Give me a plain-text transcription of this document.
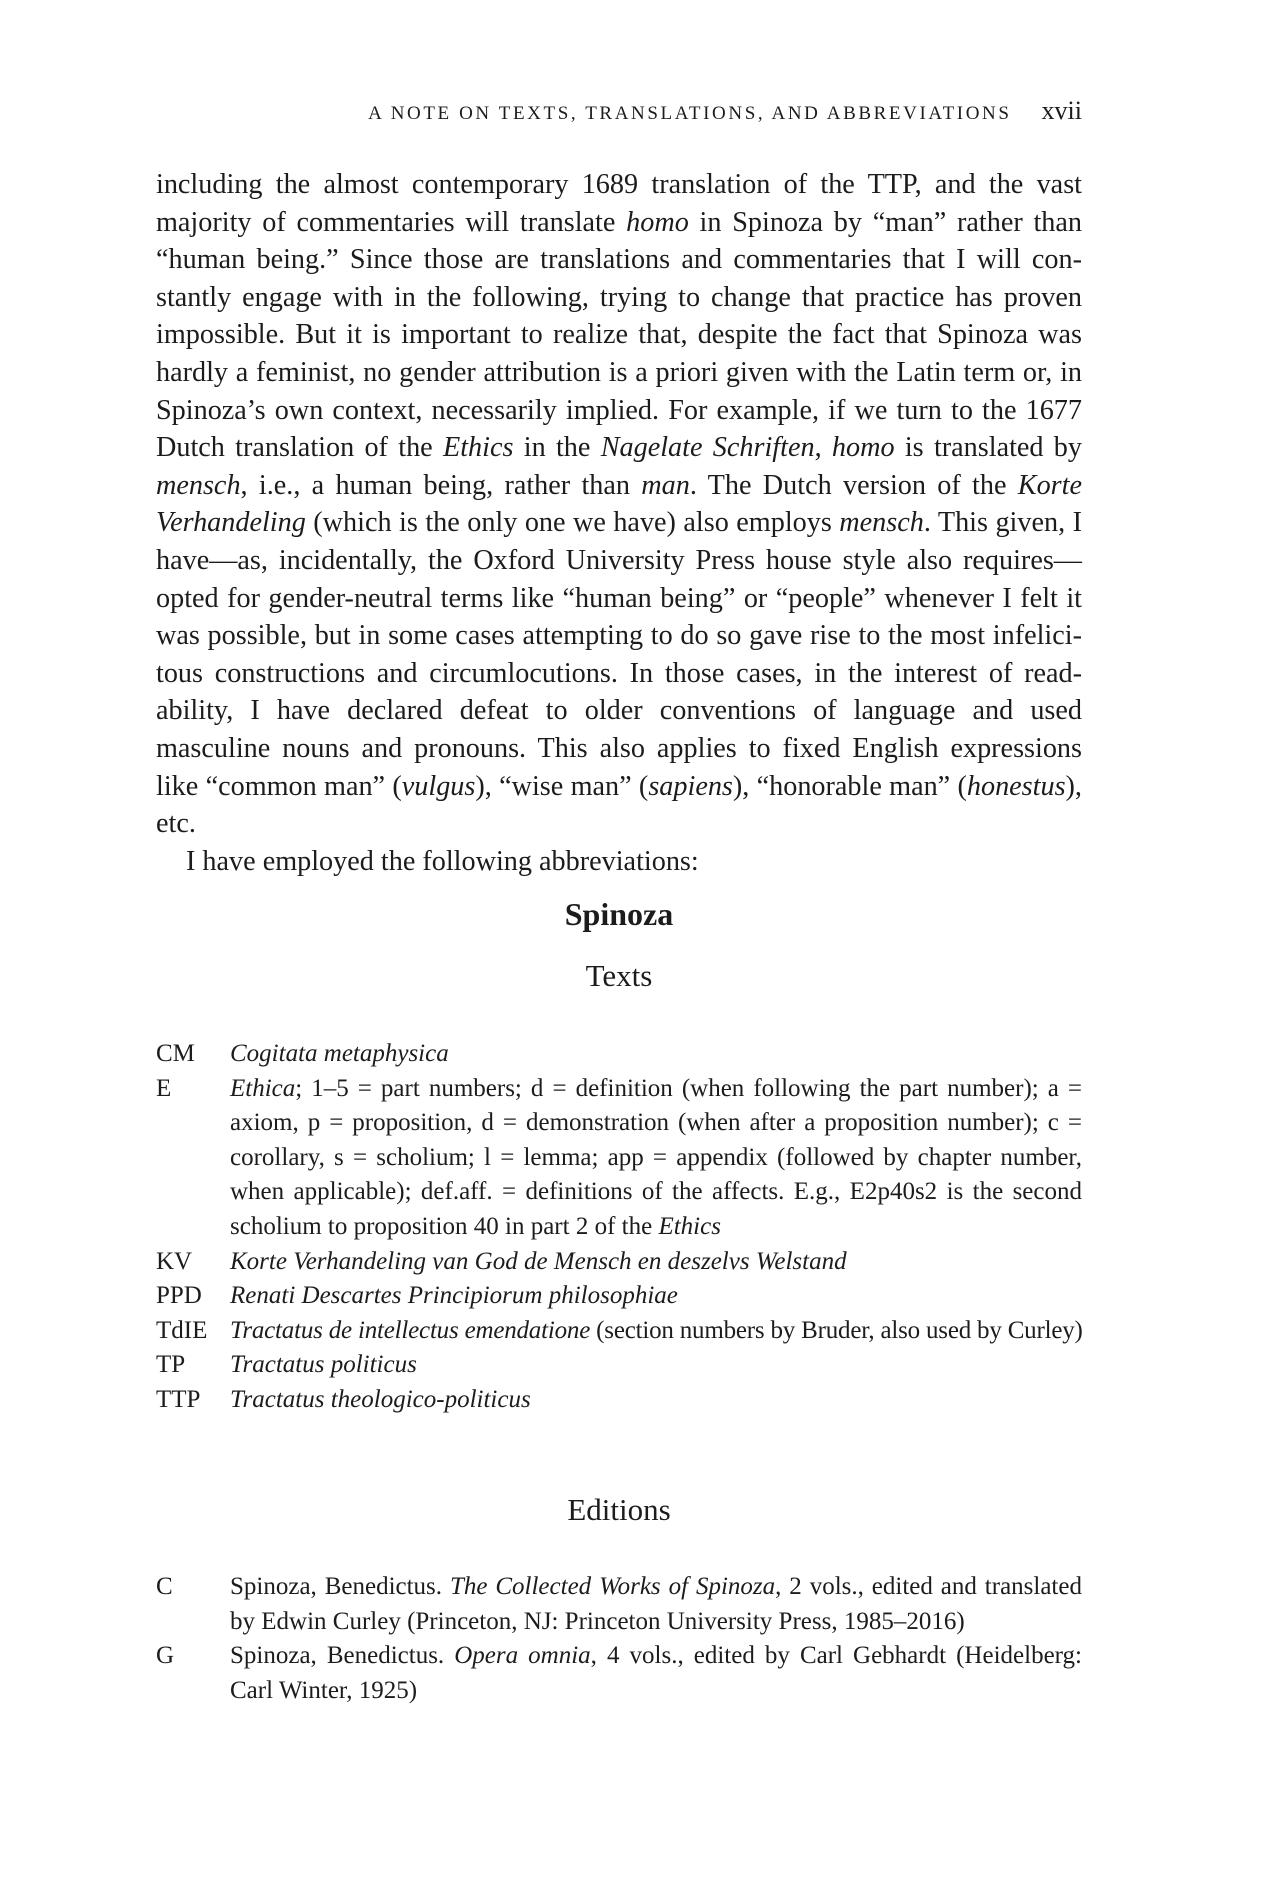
A NOTE ON TEXTS, TRANSLATIONS, AND ABBREVIATIONS xvii

including the almost contemporary 1689 translation of the TTP, and the vast majority of commentaries will translate homo in Spinoza by “man” rather than “human being.” Since those are translations and commentaries that I will constantly engage with in the following, trying to change that practice has proven impossible. But it is important to realize that, despite the fact that Spinoza was hardly a feminist, no gender attribution is a priori given with the Latin term or, in Spinoza’s own context, necessarily implied. For example, if we turn to the 1677 Dutch translation of the Ethics in the Nagelate Schriften, homo is translated by mensch, i.e., a human being, rather than man. The Dutch version of the Korte Verhandeling (which is the only one we have) also employs mensch. This given, I have—as, incidentally, the Oxford University Press house style also requires—opted for gender-neutral terms like “human being” or “people” whenever I felt it was possible, but in some cases attempting to do so gave rise to the most infelicitous constructions and circumlocutions. In those cases, in the interest of readability, I have declared defeat to older conventions of language and used masculine nouns and pronouns. This also applies to fixed English expressions like “common man” (vulgus), “wise man” (sapiens), “honorable man” (honestus), etc.

I have employed the following abbreviations:

Spinoza
Texts
CM	Cogitata metaphysica
E	Ethica; 1–5 = part numbers; d = definition (when following the part number); a = axiom, p = proposition, d = demonstration (when after a proposition number); c = corollary, s = scholium; l = lemma; app = appendix (followed by chapter number, when applicable); def.aff. = definitions of the affects. E.g., E2p40s2 is the second scholium to proposition 40 in part 2 of the Ethics
KV	Korte Verhandeling van God de Mensch en deszelvs Welstand
PPD	Renati Descartes Principiorum philosophiae
TdIE Tractatus de intellectus emendatione (section numbers by Bruder, also used by Curley)
TP	Tractatus politicus
TTP	Tractatus theologico-politicus
Editions
C	Spinoza, Benedictus. The Collected Works of Spinoza, 2 vols., edited and translated by Edwin Curley (Princeton, NJ: Princeton University Press, 1985–2016)
G	Spinoza, Benedictus. Opera omnia, 4 vols., edited by Carl Gebhardt (Heidelberg: Carl Winter, 1925)
